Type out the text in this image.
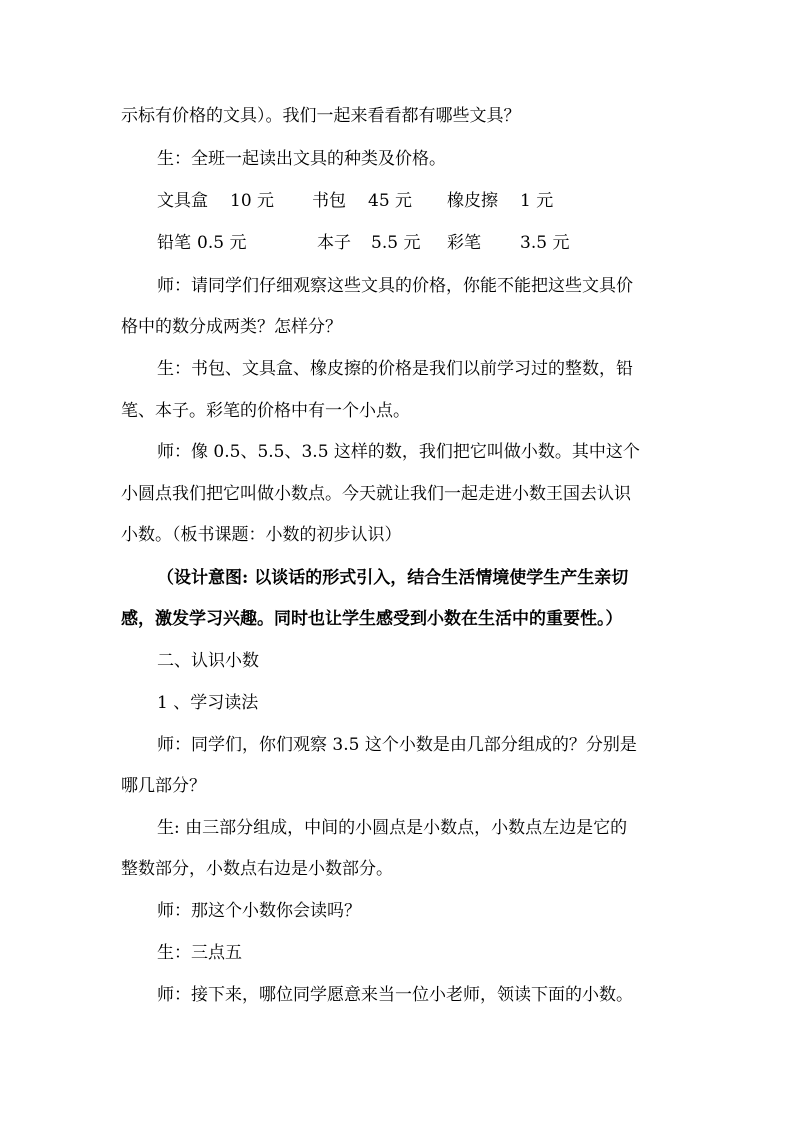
示标有价格的文具）。我们一起来看看都有哪些文具？
生：全班一起读出文具的种类及价格。
文具盒 10 元 书包 45 元 橡皮擦 1 元
铅笔 0.5 元	本子 5.5 元 彩笔 3.5 元
师：请同学们仔细观察这些文具的价格，你能不能把这些文具价
格中的数分成两类？怎样分？
生：书包、文具盒、橡皮擦的价格是我们以前学习过的整数，铅
笔、本子。彩笔的价格中有一个小点。
师：像 0.5、5.5、3.5 这样的数，我们把它叫做小数。其中这个
小圆点我们把它叫做小数点。今天就让我们一起走进小数王国去认识
小数。（板书课题：小数的初步认识）
（设计意图: 以谈话的形式引入，结合生活情境使学生产生亲切
感，激发学习兴趣。同时也让学生感受到小数在生活中的重要性。）
二、认识小数
1 、学习读法
师：同学们，你们观察 3.5 这个小数是由几部分组成的？分别是
哪几部分？
生: 由三部分组成，中间的小圆点是小数点，小数点左边是它的
整数部分，小数点右边是小数部分。
师：那这个小数你会读吗？
生：三点五
师：接下来，哪位同学愿意来当一位小老师，领读下面的小数。
